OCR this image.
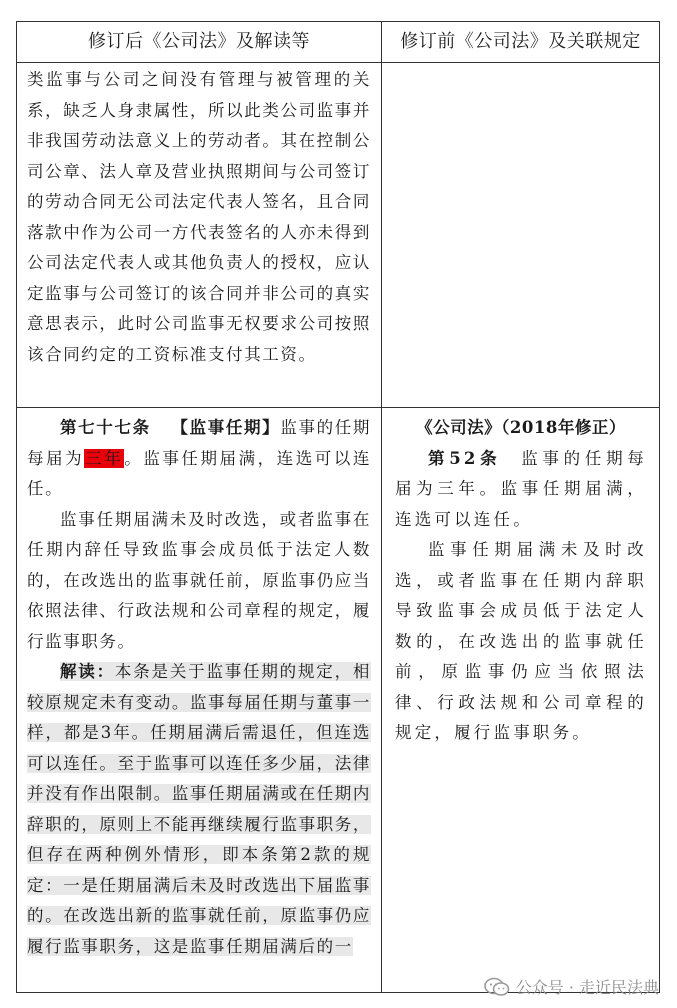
修订后《公司法》及解读等	修订前《公司法》及关联规定

类监事与公司之间没有管理与被管理的关系，缺乏人身隶属性，所以此类公司监事并非我国劳动法意义上的劳动者。其在控制公司公章、法人章及营业执照期间与公司签订的劳动合同无公司法定代表人签名，且合同落款中作为公司一方代表签名的人亦未得到公司法定代表人或其他负责人的授权，应认定监事与公司签订的该合同并非公司的真实意思表示，此时公司监事无权要求公司按照该合同约定的工资标准支付其工资。

第七十七条 【监事任期】监事的任期每届为三年。监事任期届满，连选可以连任。

监事任期届满未及时改选，或者监事在任期内辞任导致监事会成员低于法定人数的，在改选出的监事就任前，原监事仍应当依照法律、行政法规和公司章程的规定，履行监事职务。

解读：本条是关于监事任期的规定，相较原规定未有变动。监事每届任期与董事一样，都是3年。任期届满后需退任，但连选可以连任。至于监事可以连任多少届，法律并没有作出限制。监事任期届满或在任期内辞职的，原则上不能再继续履行监事职务，但存在两种例外情形，即本条第2款的规定：一是任期届满后未及时改选出下届监事的。在改选出新的监事就任前，原监事仍应履行监事职务，这是监事任期届满后的一

《公司法》（2018年修正）

第52条 监事的任期每届为三年。监事任期届满，连选可以连任。

监事任期届满未及时改选，或者监事在任期内辞职导致监事会成员低于法定人数的，在改选出的监事就任前，原监事仍应当依照法律、行政法规和公司章程的规定，履行监事职务。

公众号 · 走近民法典
